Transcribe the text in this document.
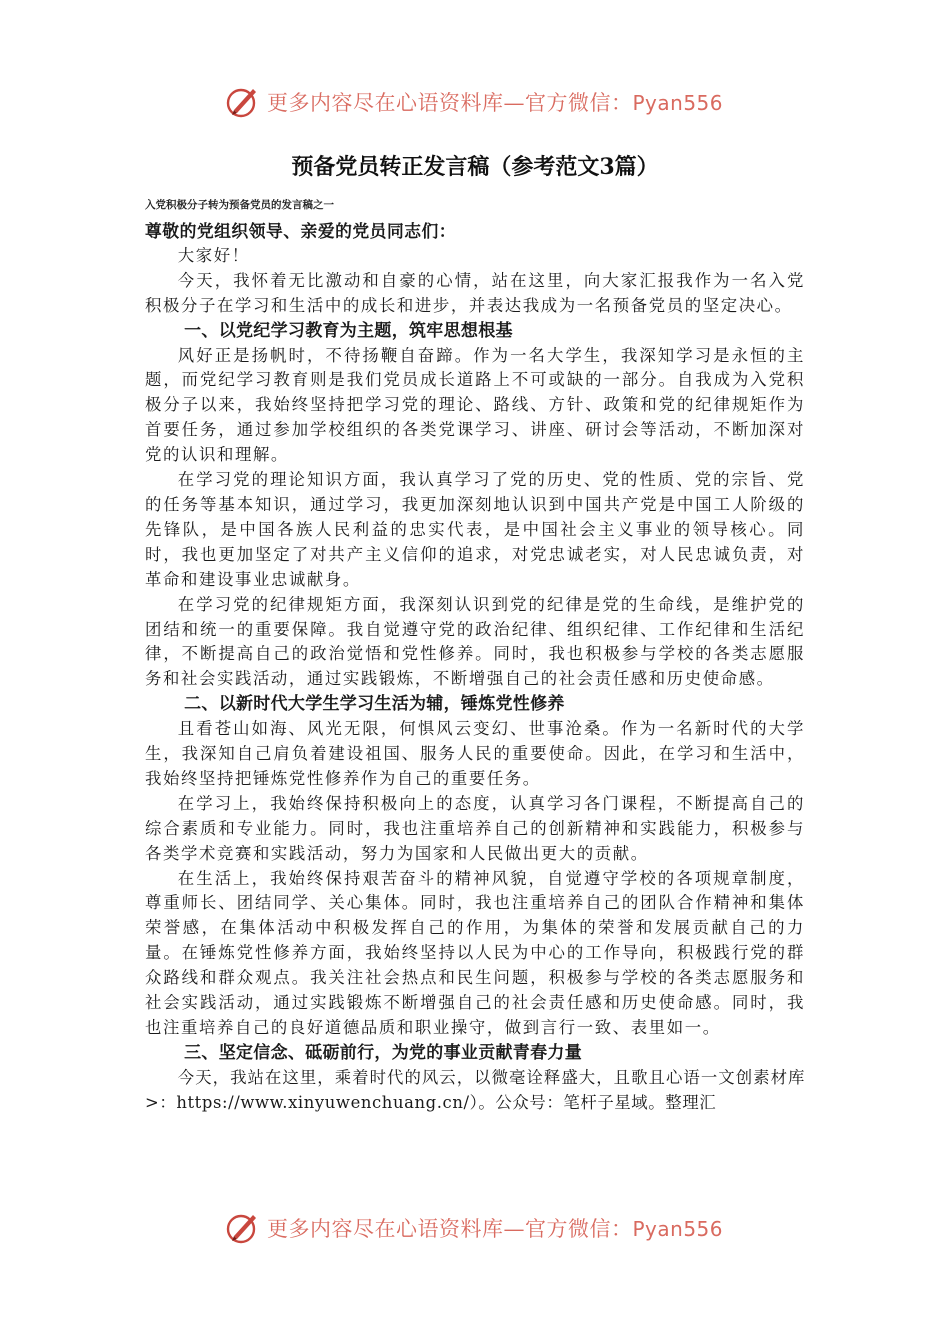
更多内容尽在心语资料库—官方微信：Pyan556
预备党员转正发言稿（参考范文3篇）
入党积极分子转为预备党员的发言稿之一

尊敬的党组织领导、亲爱的党员同志们：

大家好！

今天，我怀着无比激动和自豪的心情，站在这里，向大家汇报我作为一名入党积极分子在学习和生活中的成长和进步，并表达我成为一名预备党员的坚定决心。

一、以党纪学习教育为主题，筑牢思想根基

风好正是扬帆时，不待扬鞭自奋蹄。作为一名大学生，我深知学习是永恒的主题，而党纪学习教育则是我们党员成长道路上不可或缺的一部分。自我成为入党积极分子以来，我始终坚持把学习党的理论、路线、方针、政策和党的纪律规矩作为首要任务，通过参加学校组织的各类党课学习、讲座、研讨会等活动，不断加深对党的认识和理解。

在学习党的理论知识方面，我认真学习了党的历史、党的性质、党的宗旨、党的任务等基本知识，通过学习，我更加深刻地认识到中国共产党是中国工人阶级的先锋队，是中国各族人民利益的忠实代表，是中国社会主义事业的领导核心。同时，我也更加坚定了对共产主义信仰的追求，对党忠诚老实，对人民忠诚负责，对革命和建设事业忠诚献身。

在学习党的纪律规矩方面，我深刻认识到党的纪律是党的生命线，是维护党的团结和统一的重要保障。我自觉遵守党的政治纪律、组织纪律、工作纪律和生活纪律，不断提高自己的政治觉悟和党性修养。同时，我也积极参与学校的各类志愿服务和社会实践活动，通过实践锻炼，不断增强自己的社会责任感和历史使命感。

二、以新时代大学生学习生活为辅，锤炼党性修养

且看苍山如海、风光无限，何惧风云变幻、世事沧桑。作为一名新时代的大学生，我深知自己肩负着建设祖国、服务人民的重要使命。因此，在学习和生活中，我始终坚持把锤炼党性修养作为自己的重要任务。

在学习上，我始终保持积极向上的态度，认真学习各门课程，不断提高自己的综合素质和专业能力。同时，我也注重培养自己的创新精神和实践能力，积极参与各类学术竞赛和实践活动，努力为国家和人民做出更大的贡献。

在生活上，我始终保持艰苦奋斗的精神风貌，自觉遵守学校的各项规章制度，尊重师长、团结同学、关心集体。同时，我也注重培养自己的团队合作精神和集体荣誉感，在集体活动中积极发挥自己的作用，为集体的荣誉和发展贡献自己的力量。在锤炼党性修养方面，我始终坚持以人民为中心的工作导向，积极践行党的群众路线和群众观点。我关注社会热点和民生问题，积极参与学校的各类志愿服务和社会实践活动，通过实践锻炼不断增强自己的社会责任感和历史使命感。同时，我也注重培养自己的良好道德品质和职业操守，做到言行一致、表里如一。

三、坚定信念、砥砺前行，为党的事业贡献青春力量

今天，我站在这里，乘着时代的风云，以微毫诠释盛大，且歌且心语一文创素材库>：https://www.xinyuwenchuang.cn/）。公众号：笔杆子星域。整理汇

更多内容尽在心语资料库—官方微信：Pyan556
